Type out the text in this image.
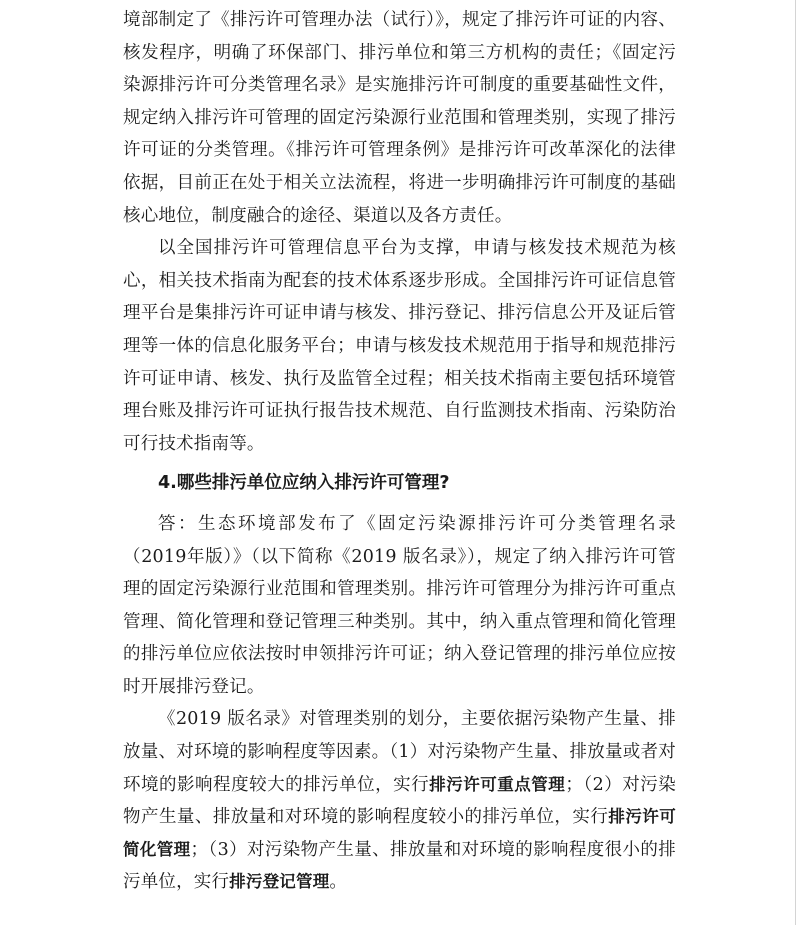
境部制定了《排污许可管理办法（试行）》，规定了排污许可证的内容、核发程序，明确了环保部门、排污单位和第三方机构的责任；《固定污染源排污许可分类管理名录》是实施排污许可制度的重要基础性文件，规定纳入排污许可管理的固定污染源行业范围和管理类别，实现了排污许可证的分类管理。《排污许可管理条例》是排污许可改革深化的法律依据，目前正在处于相关立法流程，将进一步明确排污许可制度的基础核心地位，制度融合的途径、渠道以及各方责任。

以全国排污许可管理信息平台为支撑，申请与核发技术规范为核心，相关技术指南为配套的技术体系逐步形成。全国排污许可证信息管理平台是集排污许可证申请与核发、排污登记、排污信息公开及证后管理等一体的信息化服务平台；申请与核发技术规范用于指导和规范排污许可证申请、核发、执行及监管全过程；相关技术指南主要包括环境管理台账及排污许可证执行报告技术规范、自行监测技术指南、污染防治可行技术指南等。

4.哪些排污单位应纳入排污许可管理?

答：生态环境部发布了《固定污染源排污许可分类管理名录（2019年版）》（以下简称《2019 版名录》），规定了纳入排污许可管理的固定污染源行业范围和管理类别。排污许可管理分为排污许可重点管理、简化管理和登记管理三种类别。其中，纳入重点管理和简化管理的排污单位应依法按时申领排污许可证；纳入登记管理的排污单位应按时开展排污登记。

《2019 版名录》对管理类别的划分，主要依据污染物产生量、排放量、对环境的影响程度等因素。（1）对污染物产生量、排放量或者对环境的影响程度较大的排污单位，实行排污许可重点管理；（2）对污染物产生量、排放量和对环境的影响程度较小的排污单位，实行排污许可简化管理；（3）对污染物产生量、排放量和对环境的影响程度很小的排污单位，实行排污登记管理。
